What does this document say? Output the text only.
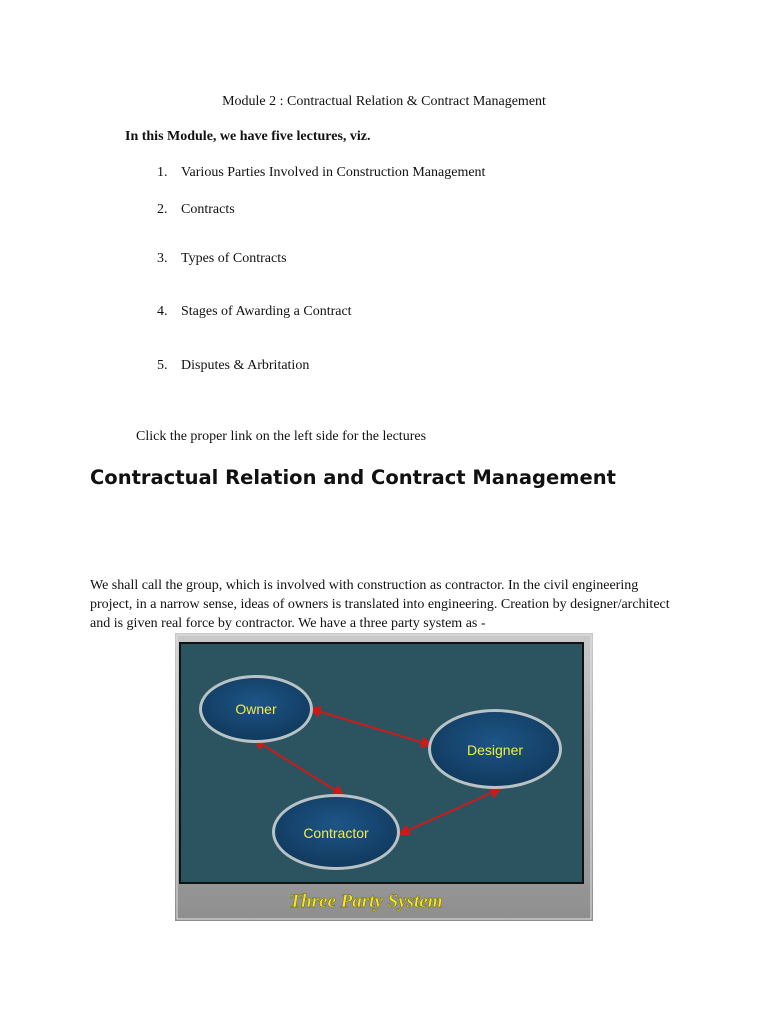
Module 2 : Contractual Relation & Contract Management
In this Module, we have five lectures, viz.
1. Various Parties Involved in Construction Management
2. Contracts
3. Types of Contracts
4. Stages of Awarding a Contract
5. Disputes & Arbritation
Click the proper link on the left side for the lectures
Contractual Relation and Contract Management

We shall call the group, which is involved with construction as contractor. In the civil engineering project, in a narrow sense, ideas of owners is translated into engineering. Creation by designer/architect and is given real force by contractor. We have a three party system as -

Owner
Designer
Contractor
Three Party System
